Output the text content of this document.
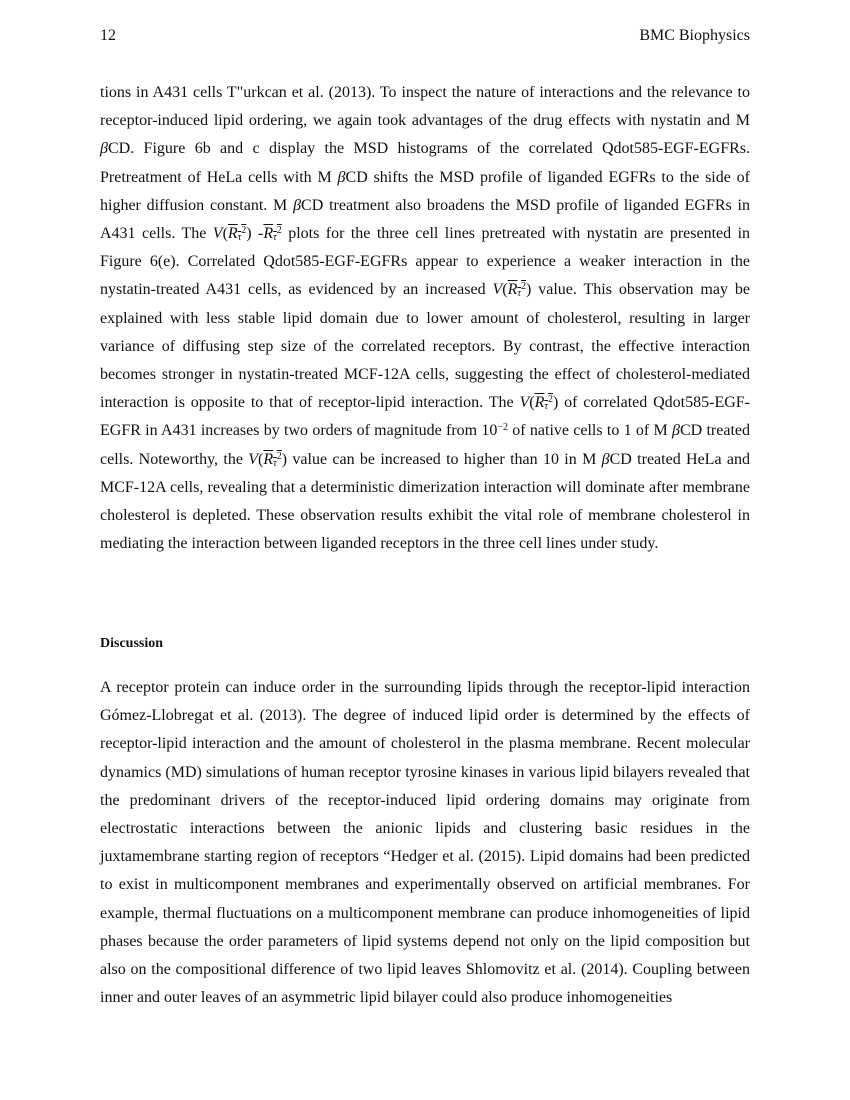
12	BMC Biophysics

tions in A431 cells T"urkcan et al. (2013). To inspect the nature of interactions and the relevance to receptor-induced lipid ordering, we again took advantages of the drug effects with nystatin and M βCD. Figure 6b and c display the MSD histograms of the correlated Qdot585-EGF-EGFRs. Pretreatment of HeLa cells with M βCD shifts the MSD profile of liganded EGFRs to the side of higher diffusion constant. M βCD treatment also broadens the MSD profile of liganded EGFRs in A431 cells. The $V(R_\tau^2)$ $-R_\tau^2$ plots for the three cell lines pretreated with nystatin are presented in Figure 6(e). Correlated Qdot585-EGF-EGFRs appear to experience a weaker interaction in the nystatin-treated A431 cells, as evidenced by an increased $V(R_\tau^2)$ value. This observation may be explained with less stable lipid domain due to lower amount of cholesterol, resulting in larger variance of diffusing step size of the correlated receptors. By contrast, the effective interaction becomes stronger in nystatin-treated MCF-12A cells, suggesting the effect of cholesterol-mediated interaction is opposite to that of receptor-lipid interaction. The $V(R_\tau^2)$ of correlated Qdot585-EGF-EGFR in A431 increases by two orders of magnitude from $10^{-2}$ of native cells to 1 of M βCD treated cells. Noteworthy, the $V(R_\tau^2)$ value can be increased to higher than 10 in M βCD treated HeLa and MCF-12A cells, revealing that a deterministic dimerization interaction will dominate after membrane cholesterol is depleted. These observation results exhibit the vital role of membrane cholesterol in mediating the interaction between liganded receptors in the three cell lines under study.

Discussion

A receptor protein can induce order in the surrounding lipids through the receptor-lipid interaction Gómez-Llobregat et al. (2013). The degree of induced lipid order is determined by the effects of receptor-lipid interaction and the amount of cholesterol in the plasma membrane. Recent molecular dynamics (MD) simulations of human receptor tyrosine kinases in various lipid bilayers revealed that the predominant drivers of the receptor-induced lipid ordering domains may originate from electrostatic interactions between the anionic lipids and clustering basic residues in the juxtamembrane starting region of receptors “Hedger et al. (2015). Lipid domains had been predicted to exist in multicomponent membranes and experimentally observed on artificial membranes. For example, thermal fluctuations on a multicomponent membrane can produce inhomogeneities of lipid phases because the order parameters of lipid systems depend not only on the lipid composition but also on the compositional difference of two lipid leaves Shlomovitz et al. (2014). Coupling between inner and outer leaves of an asymmetric lipid bilayer could also produce inhomogeneities
